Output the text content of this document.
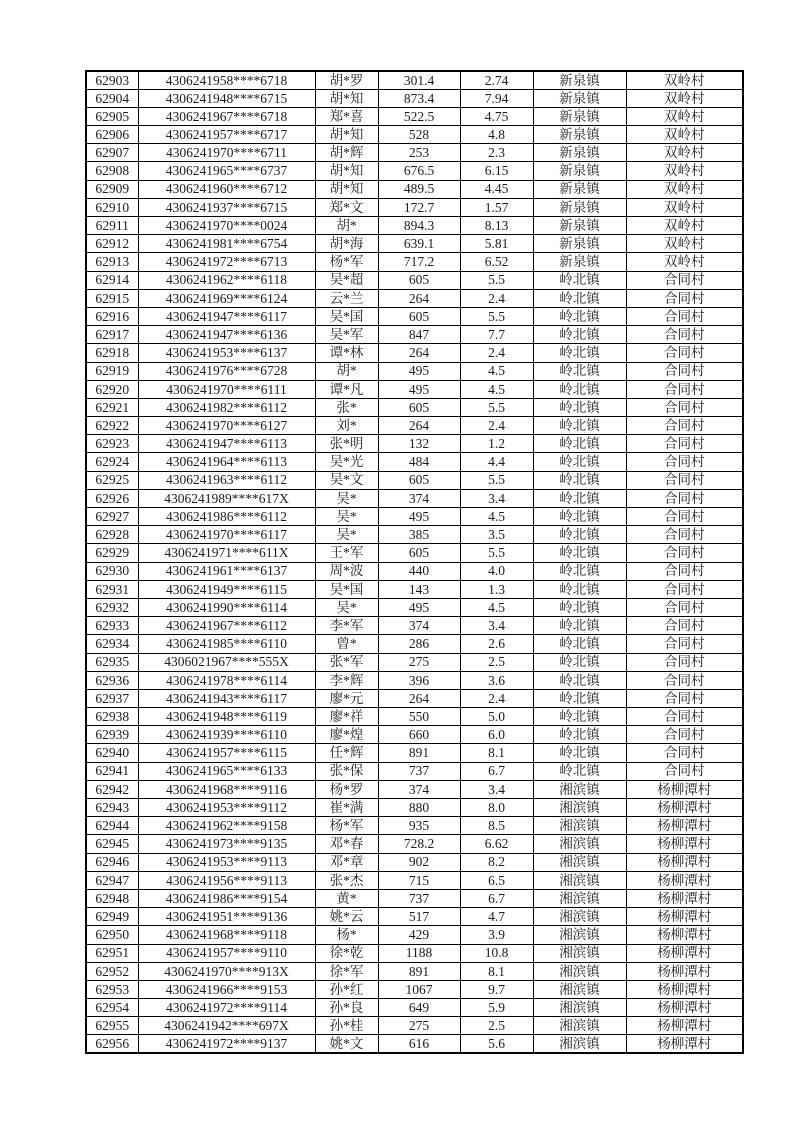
62903	4306241958****6718	胡*罗	301.4	2.74	新泉镇	双岭村
62904	4306241948****6715	胡*知	873.4	7.94	新泉镇	双岭村
62905	4306241967****6718	郑*喜	522.5	4.75	新泉镇	双岭村
62906	4306241957****6717	胡*知	528	4.8	新泉镇	双岭村
62907	4306241970****6711	胡*辉	253	2.3	新泉镇	双岭村
62908	4306241965****6737	胡*知	676.5	6.15	新泉镇	双岭村
62909	4306241960****6712	胡*知	489.5	4.45	新泉镇	双岭村
62910	4306241937****6715	郑*文	172.7	1.57	新泉镇	双岭村
62911	4306241970****0024	胡*	894.3	8.13	新泉镇	双岭村
62912	4306241981****6754	胡*海	639.1	5.81	新泉镇	双岭村
62913	4306241972****6713	杨*军	717.2	6.52	新泉镇	双岭村
62914	4306241962****6118	吴*超	605	5.5	岭北镇	合同村
62915	4306241969****6124	云*兰	264	2.4	岭北镇	合同村
62916	4306241947****6117	吴*国	605	5.5	岭北镇	合同村
62917	4306241947****6136	吴*军	847	7.7	岭北镇	合同村
62918	4306241953****6137	谭*林	264	2.4	岭北镇	合同村
62919	4306241976****6728	胡*	495	4.5	岭北镇	合同村
62920	4306241970****6111	谭*凡	495	4.5	岭北镇	合同村
62921	4306241982****6112	张*	605	5.5	岭北镇	合同村
62922	4306241970****6127	刘*	264	2.4	岭北镇	合同村
62923	4306241947****6113	张*明	132	1.2	岭北镇	合同村
62924	4306241964****6113	吴*光	484	4.4	岭北镇	合同村
62925	4306241963****6112	吴*文	605	5.5	岭北镇	合同村
62926	4306241989****617X	吴*	374	3.4	岭北镇	合同村
62927	4306241986****6112	吴*	495	4.5	岭北镇	合同村
62928	4306241970****6117	吴*	385	3.5	岭北镇	合同村
62929	4306241971****611X	王*军	605	5.5	岭北镇	合同村
62930	4306241961****6137	周*波	440	4.0	岭北镇	合同村
62931	4306241949****6115	吴*国	143	1.3	岭北镇	合同村
62932	4306241990****6114	吴*	495	4.5	岭北镇	合同村
62933	4306241967****6112	李*军	374	3.4	岭北镇	合同村
62934	4306241985****6110	曾*	286	2.6	岭北镇	合同村
62935	4306021967****555X	张*军	275	2.5	岭北镇	合同村
62936	4306241978****6114	李*辉	396	3.6	岭北镇	合同村
62937	4306241943****6117	廖*元	264	2.4	岭北镇	合同村
62938	4306241948****6119	廖*祥	550	5.0	岭北镇	合同村
62939	4306241939****6110	廖*煌	660	6.0	岭北镇	合同村
62940	4306241957****6115	任*辉	891	8.1	岭北镇	合同村
62941	4306241965****6133	张*保	737	6.7	岭北镇	合同村
62942	4306241968****9116	杨*罗	374	3.4	湘滨镇	杨柳潭村
62943	4306241953****9112	崔*满	880	8.0	湘滨镇	杨柳潭村
62944	4306241962****9158	杨*军	935	8.5	湘滨镇	杨柳潭村
62945	4306241973****9135	邓*春	728.2	6.62	湘滨镇	杨柳潭村
62946	4306241953****9113	邓*章	902	8.2	湘滨镇	杨柳潭村
62947	4306241956****9113	张*杰	715	6.5	湘滨镇	杨柳潭村
62948	4306241986****9154	黄*	737	6.7	湘滨镇	杨柳潭村
62949	4306241951****9136	姚*云	517	4.7	湘滨镇	杨柳潭村
62950	4306241968****9118	杨*	429	3.9	湘滨镇	杨柳潭村
62951	4306241957****9110	徐*乾	1188	10.8	湘滨镇	杨柳潭村
62952	4306241970****913X	徐*军	891	8.1	湘滨镇	杨柳潭村
62953	4306241966****9153	孙*红	1067	9.7	湘滨镇	杨柳潭村
62954	4306241972****9114	孙*良	649	5.9	湘滨镇	杨柳潭村
62955	4306241942****697X	孙*桂	275	2.5	湘滨镇	杨柳潭村
62956	4306241972****9137	姚*文	616	5.6	湘滨镇	杨柳潭村
